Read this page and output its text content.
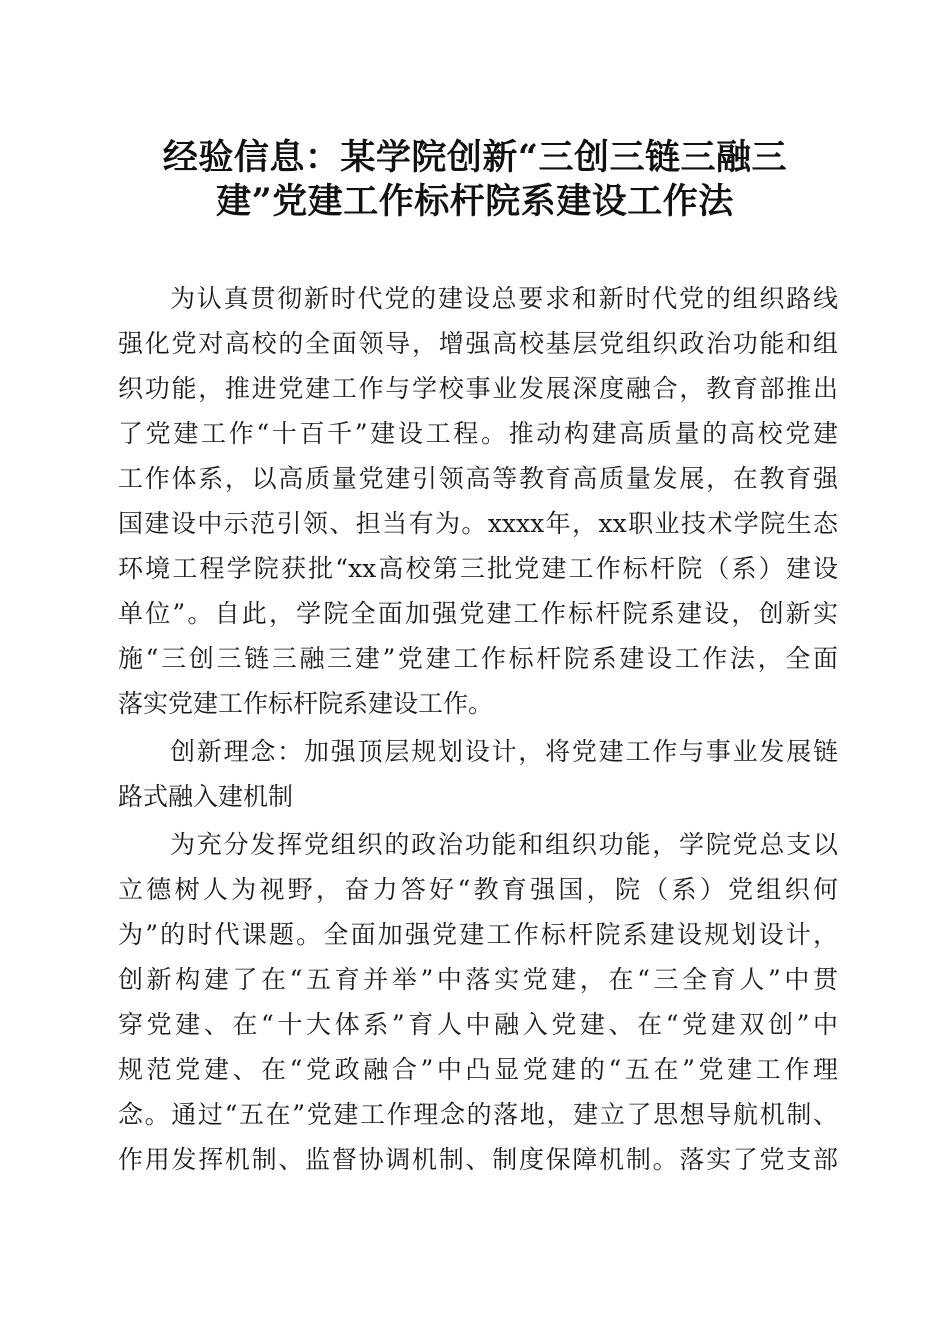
经验信息：某学院创新“三创三链三融三
建”党建工作标杆院系建设工作法
为认真贯彻新时代党的建设总要求和新时代党的组织路线
强化党对高校的全面领导，增强高校基层党组织政治功能和组
织功能，推进党建工作与学校事业发展深度融合，教育部推出
了党建工作“十百千”建设工程。推动构建高质量的高校党建
工作体系，以高质量党建引领高等教育高质量发展，在教育强
国建设中示范引领、担当有为。xxxx年，xx职业技术学院生态
环境工程学院获批“xx高校第三批党建工作标杆院（系）建设
单位”。自此，学院全面加强党建工作标杆院系建设，创新实
施“三创三链三融三建”党建工作标杆院系建设工作法，全面
落实党建工作标杆院系建设工作。
创新理念：加强顶层规划设计，将党建工作与事业发展链
路式融入建机制
为充分发挥党组织的政治功能和组织功能，学院党总支以
立德树人为视野，奋力答好“教育强国，院（系）党组织何
为”的时代课题。全面加强党建工作标杆院系建设规划设计，
创新构建了在“五育并举”中落实党建，在“三全育人”中贯
穿党建、在“十大体系”育人中融入党建、在“党建双创”中
规范党建、在“党政融合”中凸显党建的“五在”党建工作理
念。通过“五在”党建工作理念的落地，建立了思想导航机制、
作用发挥机制、监督协调机制、制度保障机制。落实了党支部
